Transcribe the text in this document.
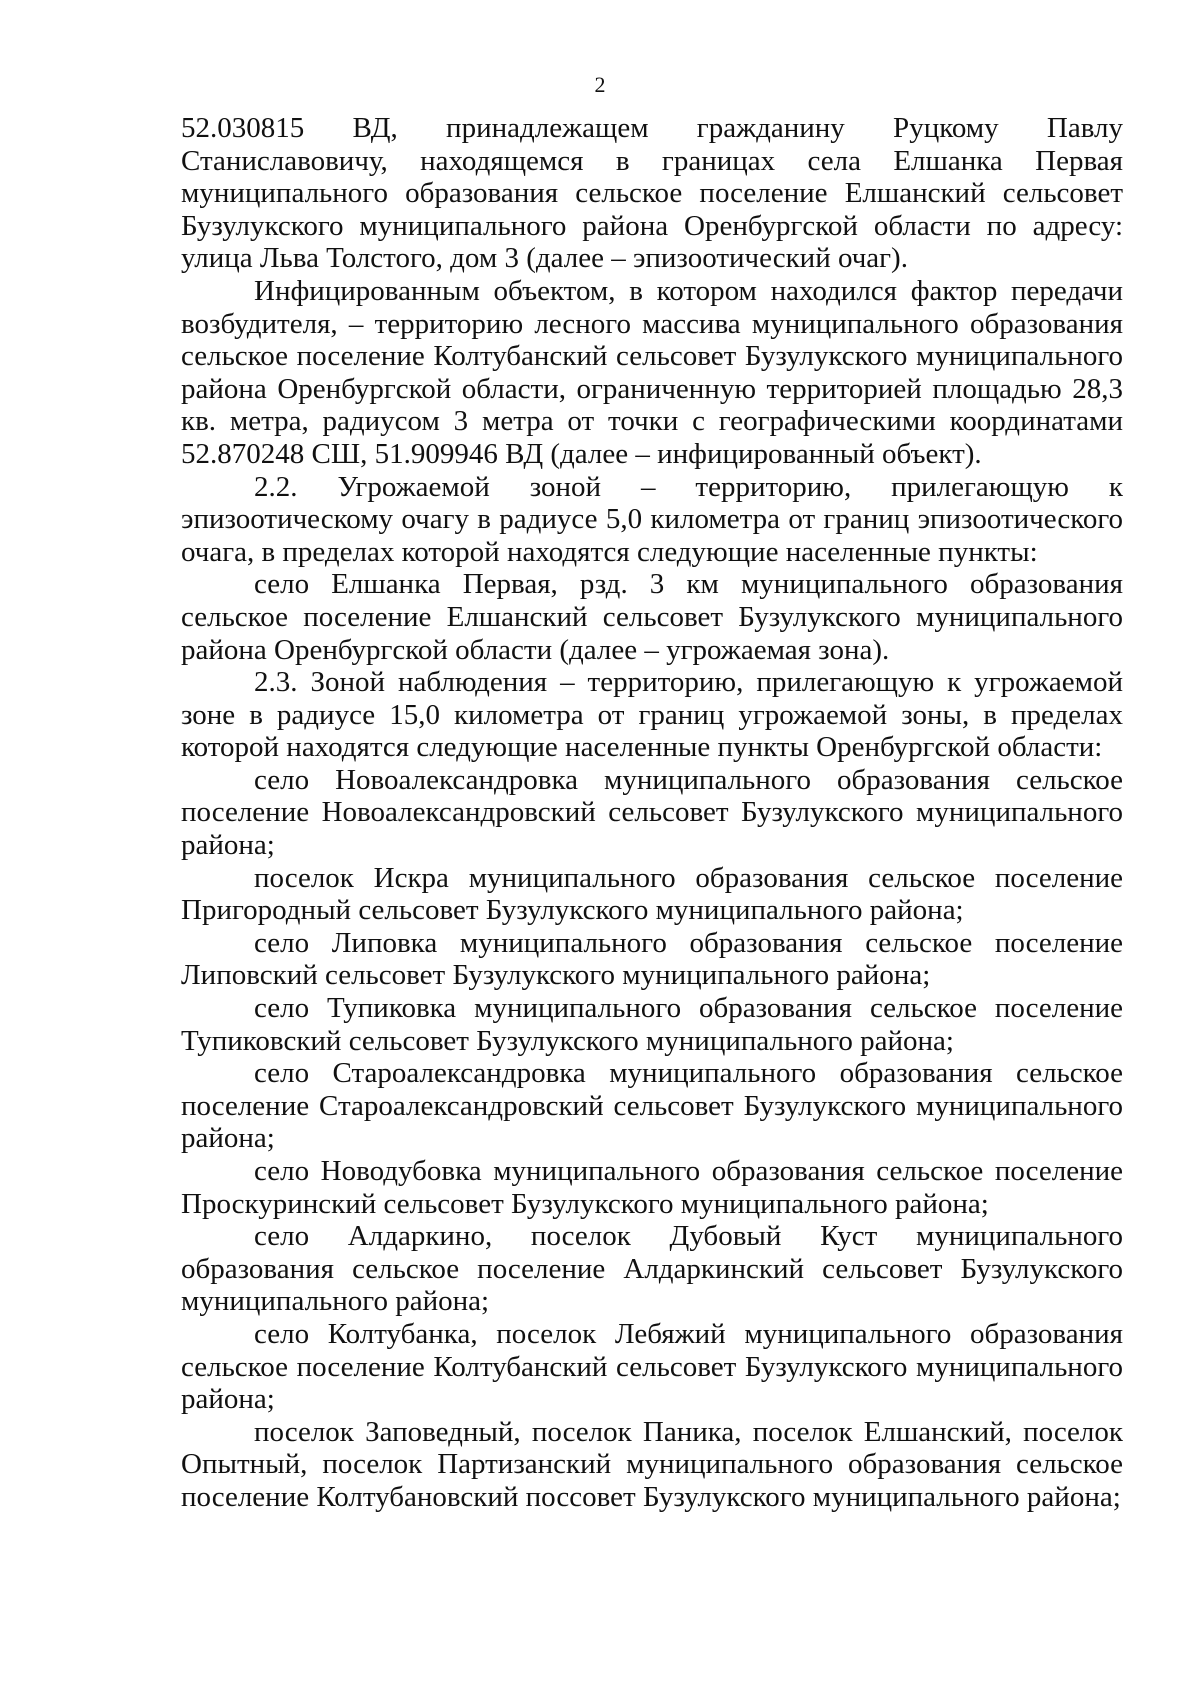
2

52.030815 ВД, принадлежащем гражданину Руцкому Павлу Станиславовичу, находящемся в границах села Елшанка Первая муниципального образования сельское поселение Елшанский сельсовет Бузулукского муниципального района Оренбургской области по адресу: улица Льва Толстого, дом 3 (далее – эпизоотический очаг).

Инфицированным объектом, в котором находился фактор передачи возбудителя, – территорию лесного массива муниципального образования сельское поселение Колтубанский сельсовет Бузулукского муниципального района Оренбургской области, ограниченную территорией площадью 28,3 кв. метра, радиусом 3 метра от точки с географическими координатами 52.870248 СШ, 51.909946 ВД (далее – инфицированный объект).

2.2. Угрожаемой зоной – территорию, прилегающую к эпизоотическому очагу в радиусе 5,0 километра от границ эпизоотического очага, в пределах которой находятся следующие населенные пункты:

село Елшанка Первая, рзд. 3 км муниципального образования сельское поселение Елшанский сельсовет Бузулукского муниципального района Оренбургской области (далее – угрожаемая зона).

2.3. Зоной наблюдения – территорию, прилегающую к угрожаемой зоне в радиусе 15,0 километра от границ угрожаемой зоны, в пределах которой находятся следующие населенные пункты Оренбургской области:

село Новоалександровка муниципального образования сельское поселение Новоалександровский сельсовет Бузулукского муниципального района;

поселок Искра муниципального образования сельское поселение Пригородный сельсовет Бузулукского муниципального района;

село Липовка муниципального образования сельское поселение Липовский сельсовет Бузулукского муниципального района;

село Тупиковка муниципального образования сельское поселение Тупиковский сельсовет Бузулукского муниципального района;

село Староалександровка муниципального образования сельское поселение Староалександровский сельсовет Бузулукского муниципального района;

село Новодубовка муниципального образования сельское поселение Проскуринский сельсовет Бузулукского муниципального района;

село Алдаркино, поселок Дубовый Куст муниципального образования сельское поселение Алдаркинский сельсовет Бузулукского муниципального района;

село Колтубанка, поселок Лебяжий муниципального образования сельское поселение Колтубанский сельсовет Бузулукского муниципального района;

поселок Заповедный, поселок Паника, поселок Елшанский, поселок Опытный, поселок Партизанский муниципального образования сельское поселение Колтубановский поссовет Бузулукского муниципального района;
